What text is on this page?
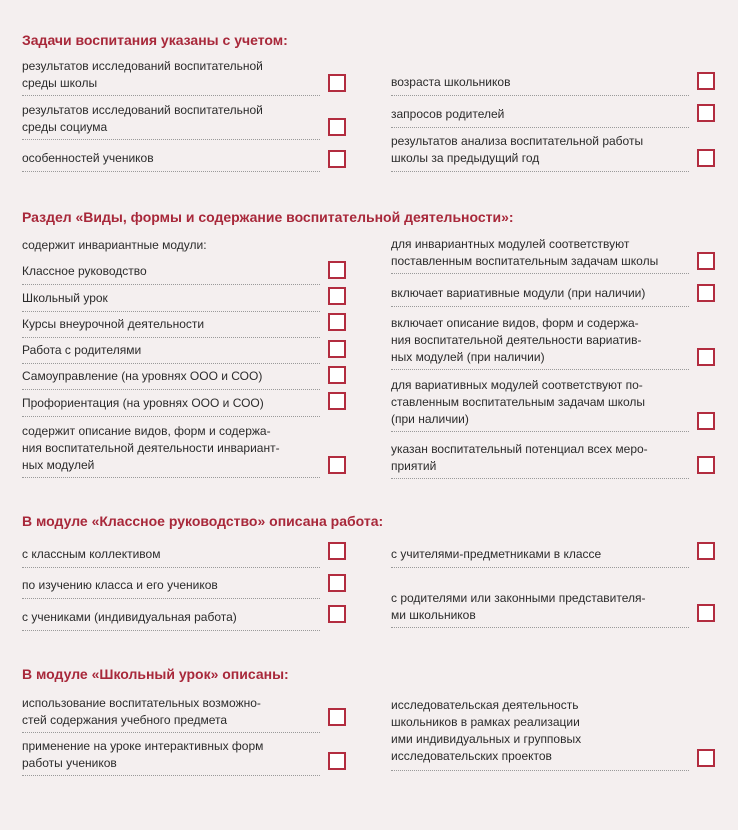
Задачи воспитания указаны с учетом:
результатов исследований воспитательной
среды школы
результатов исследований воспитательной
среды социума
особенностей учеников
возраста школьников
запросов родителей
результатов анализа воспитательной работы
школы за предыдущий год
Раздел «Виды, формы и содержание воспитательной деятельности»:
содержит инвариантные модули:
Классное руководство
Школьный урок
Курсы внеурочной деятельности
Работа с родителями
Самоуправление (на уровнях ООО и СОО)
Профориентация (на уровнях ООО и СОО)
содержит описание видов, форм и содержа-
ния воспитательной деятельности инвариант-
ных модулей
для инвариантных модулей соответствуют
поставленным воспитательным задачам школы
включает вариативные модули (при наличии)
включает описание видов, форм и содержа-
ния воспитательной деятельности вариатив-
ных модулей (при наличии)
для вариативных модулей соответствуют по-
ставленным воспитательным задачам школы
(при наличии)
указан воспитательный потенциал всех меро-
приятий
В модуле «Классное руководство» описана работа:
с классным коллективом
по изучению класса и его учеников
с учениками (индивидуальная работа)
с учителями-предметниками в классе
с родителями или законными представителя-
ми школьников
В модуле «Школьный урок» описаны:
использование воспитательных возможно-
стей содержания учебного предмета
применение на уроке интерактивных форм
работы учеников
исследовательская деятельность
школьников в рамках реализации
ими индивидуальных и групповых
исследовательских проектов
